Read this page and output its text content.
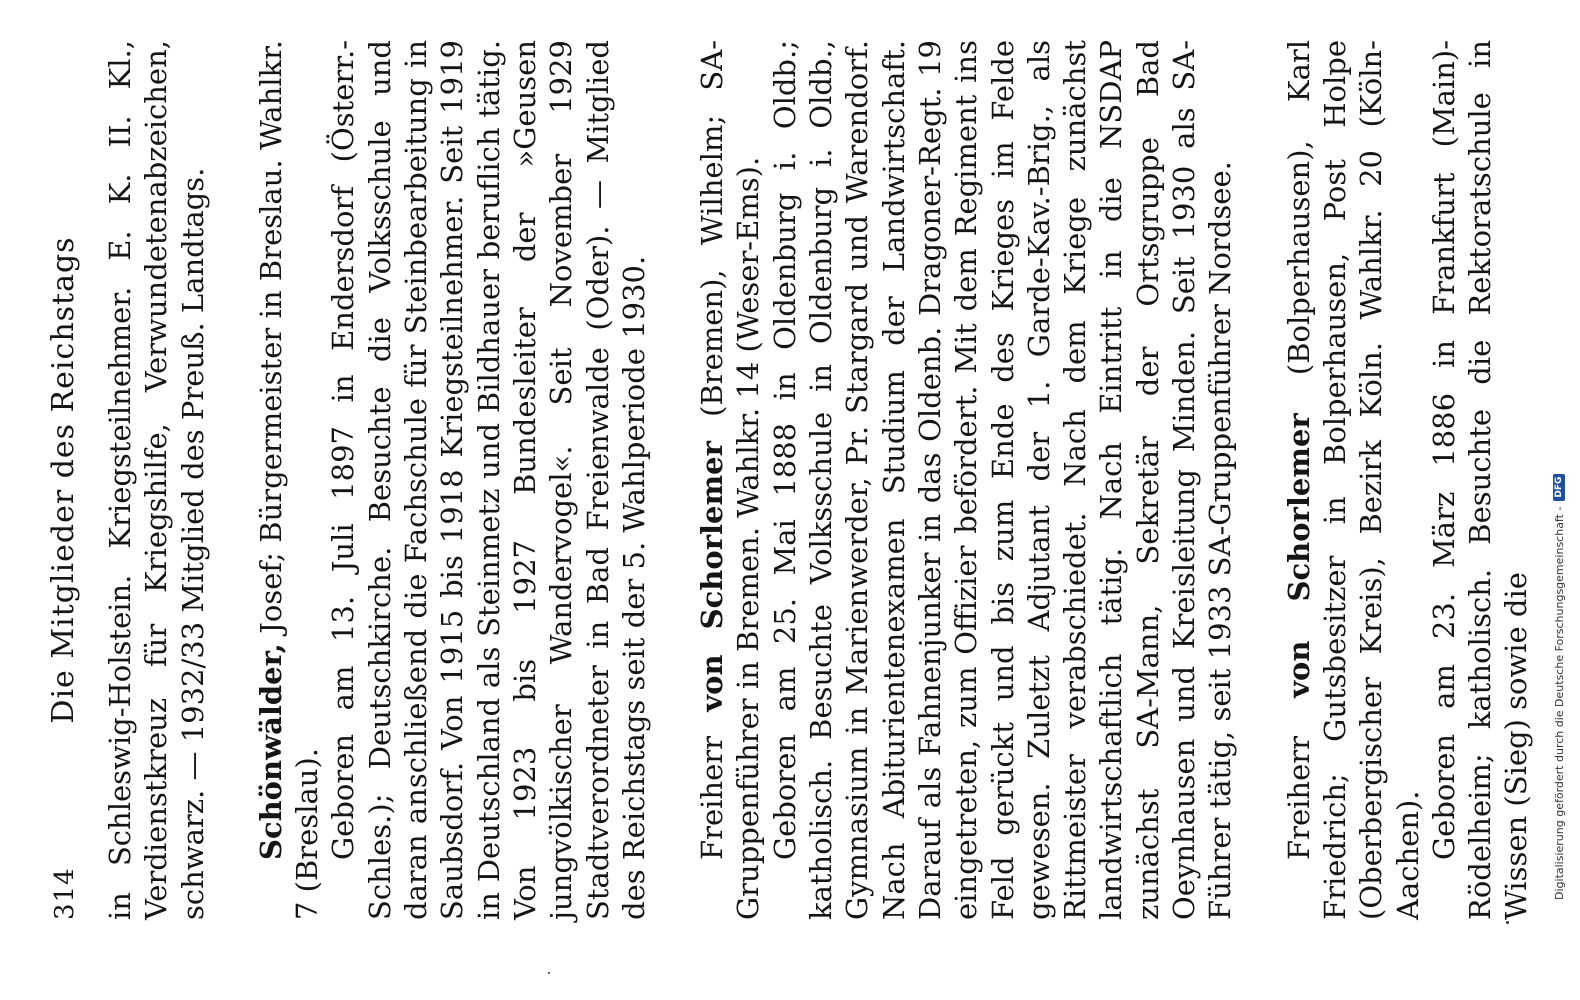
314
Die Mitglieder des Reichstags in Schleswig-Holstein. Kriegsteilnehmer. E. K. II. Kl., Verdienstkreuz für Kriegshilfe, Verwundetenabzeichen, schwarz. — 1932/33 Mitglied des Preuß. Landtags. Schönwälder, Josef; Bürgermeister in Breslau. Wahlkr. 7 (Breslau). Geboren am 13. Juli 1897 in Endersdorf (Österr.-Schles.); Deutschkirche. Besuchte die Volksschule und daran anschließend die Fachschule für Steinbearbeitung in Saubsdorf. Von 1915 bis 1918 Kriegsteilnehmer. Seit 1919 in Deutschland als Steinmetz und Bildhauer beruflich tätig. Von 1923 bis 1927 Bundesleiter der »Geusen jungvölkischer Wandervogel«. Seit November 1929 Stadtverordneter in Bad Freienwalde (Oder). — Mitglied des Reichstags seit der 5. Wahlperiode 1930. Freiherr von Schorlemer (Bremen), Wilhelm; SA-Gruppenführer in Bremen. Wahlkr. 14 (Weser-Ems). Geboren am 25. Mai 1888 in Oldenburg i. Oldb.; katholisch. Besuchte Volksschule in Oldenburg i. Oldb., Gymnasium in Marienwerder, Pr. Stargard und Warendorf. Nach Abiturientenexamen Studium der Landwirtschaft. Darauf als Fahnenjunker in das Oldenb. Dragoner-Regt. 19 eingetreten, zum Offizier befördert. Mit dem Regiment ins Feld gerückt und bis zum Ende des Krieges im Felde gewesen. Zuletzt Adjutant der 1. Garde-Kav.-Brig., als Rittmeister verabschiedet. Nach dem Kriege zunächst landwirtschaftlich tätig. Nach Eintritt in die NSDAP zunächst SA-Mann, Sekretär der Ortsgruppe Bad Oeynhausen und Kreisleitung Minden. Seit 1930 als SA-Führer tätig, seit 1933 SA-Gruppenführer Nordsee. Freiherr von Schorlemer (Bolperhausen), Karl Friedrich; Gutsbesitzer in Bolperhausen, Post Holpe (Oberbergischer Kreis), Bezirk Köln. Wahlkr. 20 (Köln-Aachen). Geboren am 23. März 1886 in Frankfurt (Main)-Rödelheim; katholisch. Besuchte die Rektoratschule in Wissen (Sieg) sowie die Digitalisierung gefördert durch die Deutsche Forschungsgemeinschaft -
DFG
